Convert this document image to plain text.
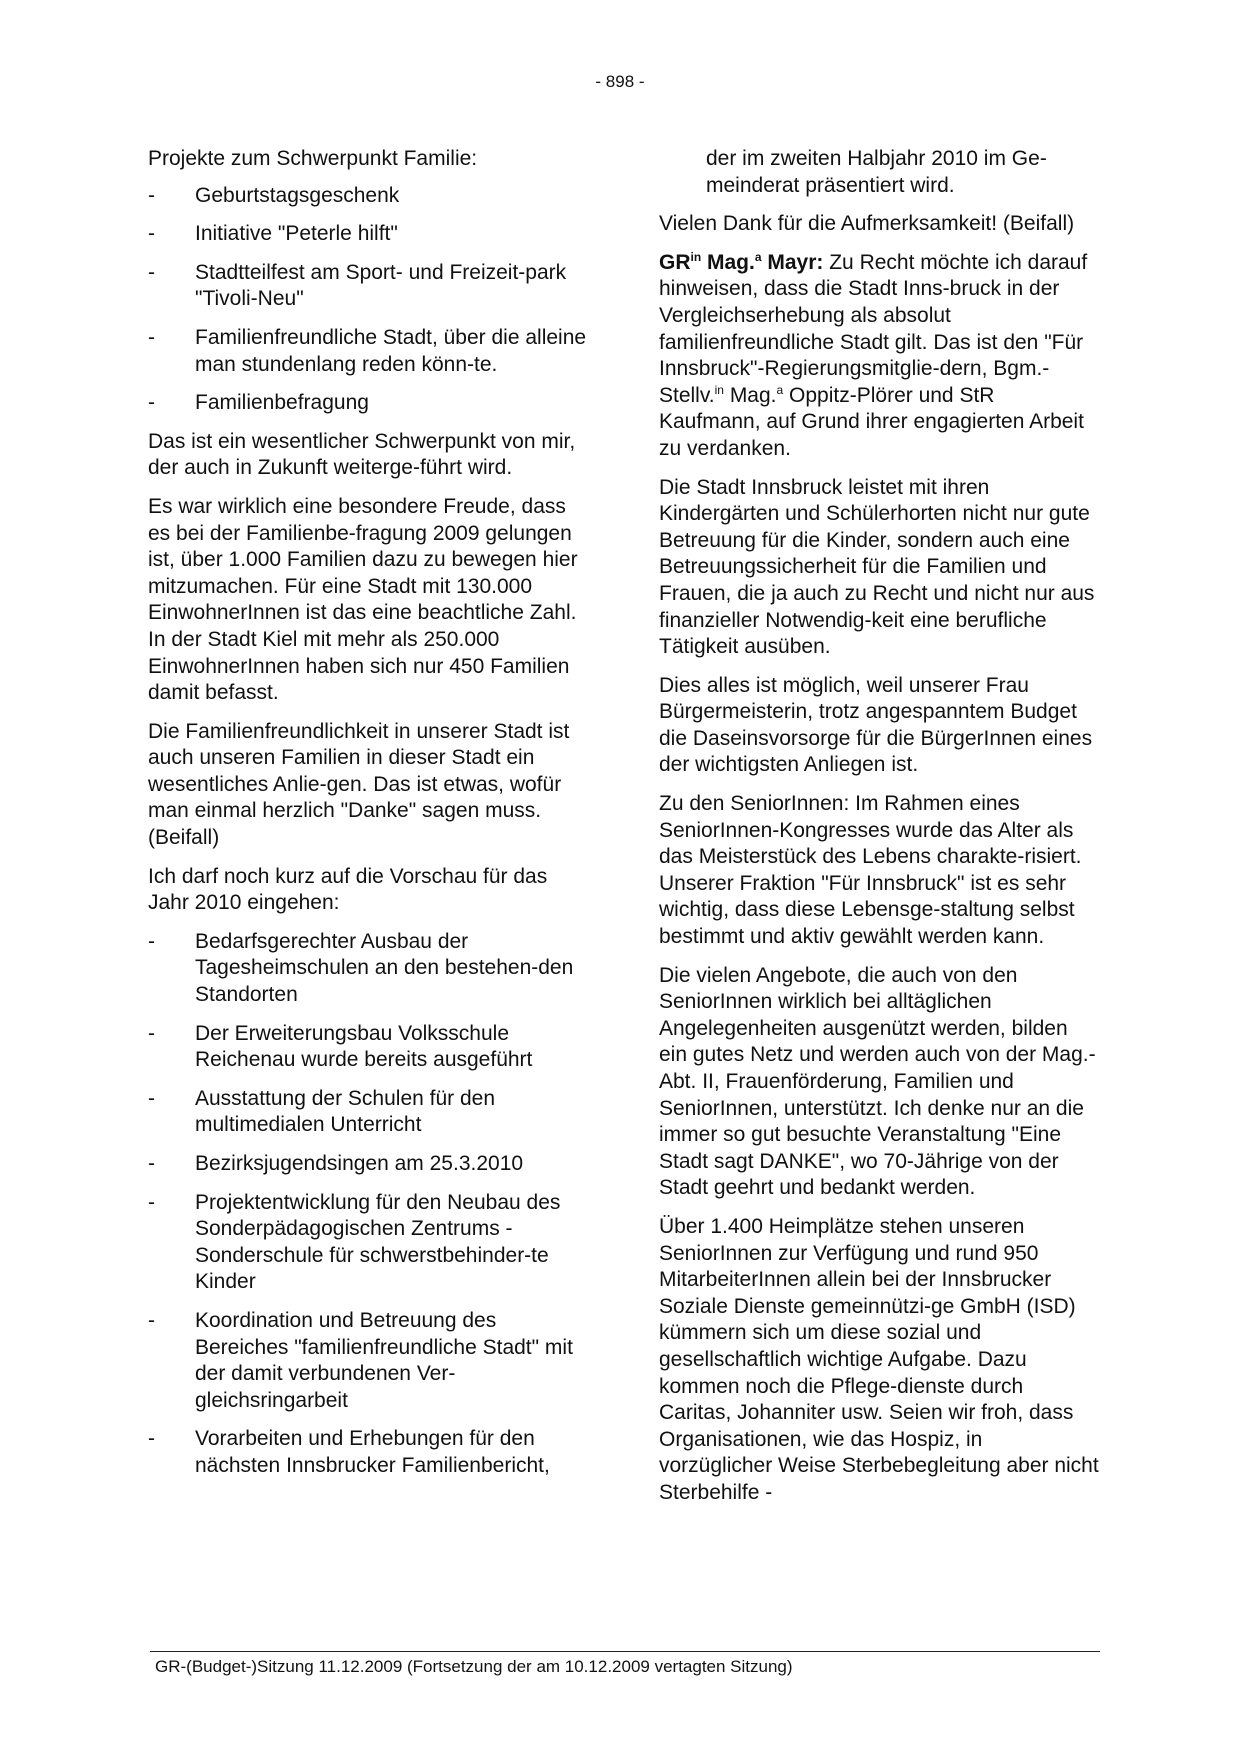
- 898 -

Projekte zum Schwerpunkt Familie:

-	Geburtstagsgeschenk
-	Initiative "Peterle hilft"
-	Stadtteilfest am Sport- und Freizeit-park "Tivoli-Neu"
-	Familienfreundliche Stadt, über die alleine man stundenlang reden könn-te.
-	Familienbefragung

Das ist ein wesentlicher Schwerpunkt von mir, der auch in Zukunft weiterge-führt wird.

Es war wirklich eine besondere Freude, dass es bei der Familienbe-fragung 2009 gelungen ist, über 1.000 Familien dazu zu bewegen hier mitzumachen. Für eine Stadt mit 130.000 EinwohnerInnen ist das eine beachtliche Zahl. In der Stadt Kiel mit mehr als 250.000 EinwohnerInnen haben sich nur 450 Familien damit befasst.

Die Familienfreundlichkeit in unserer Stadt ist auch unseren Familien in dieser Stadt ein wesentliches Anlie-gen. Das ist etwas, wofür man einmal herzlich "Danke" sagen muss. (Beifall)

Ich darf noch kurz auf die Vorschau für das Jahr 2010 eingehen:

-	Bedarfsgerechter Ausbau der Tagesheimschulen an den bestehen-den Standorten
-	Der Erweiterungsbau Volksschule Reichenau wurde bereits ausgeführt
-	Ausstattung der Schulen für den multimedialen Unterricht
-	Bezirksjugendsingen am 25.3.2010
-	Projektentwicklung für den Neubau des Sonderpädagogischen Zentrums - Sonderschule für schwerstbehinder-te Kinder
-	Koordination und Betreuung des Bereiches "familienfreundliche Stadt" mit der damit verbundenen Ver-gleichsringarbeit
-	Vorarbeiten und Erhebungen für den nächsten Innsbrucker Familienbericht,

der im zweiten Halbjahr 2010 im Ge-meinderat präsentiert wird.

Vielen Dank für die Aufmerksamkeit! (Beifall)

$GR^{in}$ Mag.$^a$ Mayr: Zu Recht möchte ich darauf hinweisen, dass die Stadt Inns-bruck in der Vergleichserhebung als absolut familienfreundliche Stadt gilt. Das ist den "Für Innsbruck"-Regierungsmitglie-dern, Bgm.-Stellv.$^{in}$ Mag.$^a$ Oppitz-Plörer und StR Kaufmann, auf Grund ihrer engagierten Arbeit zu verdanken.

Die Stadt Innsbruck leistet mit ihren Kindergärten und Schülerhorten nicht nur gute Betreuung für die Kinder, sondern auch eine Betreuungssicherheit für die Familien und Frauen, die ja auch zu Recht und nicht nur aus finanzieller Notwendig-keit eine berufliche Tätigkeit ausüben.

Dies alles ist möglich, weil unserer Frau Bürgermeisterin, trotz angespanntem Budget die Daseinsvorsorge für die BürgerInnen eines der wichtigsten Anliegen ist.

Zu den SeniorInnen: Im Rahmen eines SeniorInnen-Kongresses wurde das Alter als das Meisterstück des Lebens charakte-risiert. Unserer Fraktion "Für Innsbruck" ist es sehr wichtig, dass diese Lebensge-staltung selbst bestimmt und aktiv gewählt werden kann.

Die vielen Angebote, die auch von den SeniorInnen wirklich bei alltäglichen Angelegenheiten ausgenützt werden, bilden ein gutes Netz und werden auch von der Mag.-Abt. II, Frauenförderung, Familien und SeniorInnen, unterstützt. Ich denke nur an die immer so gut besuchte Veranstaltung "Eine Stadt sagt DANKE", wo 70-Jährige von der Stadt geehrt und bedankt werden.

Über 1.400 Heimplätze stehen unseren SeniorInnen zur Verfügung und rund 950 MitarbeiterInnen allein bei der Innsbrucker Soziale Dienste gemeinnützi-ge GmbH (ISD) kümmern sich um diese sozial und gesellschaftlich wichtige Aufgabe. Dazu kommen noch die Pflege-dienste durch Caritas, Johanniter usw. Seien wir froh, dass Organisationen, wie das Hospiz, in vorzüglicher Weise Sterbebegleitung aber nicht Sterbehilfe -

GR-(Budget-)Sitzung 11.12.2009 (Fortsetzung der am 10.12.2009 vertagten Sitzung)
